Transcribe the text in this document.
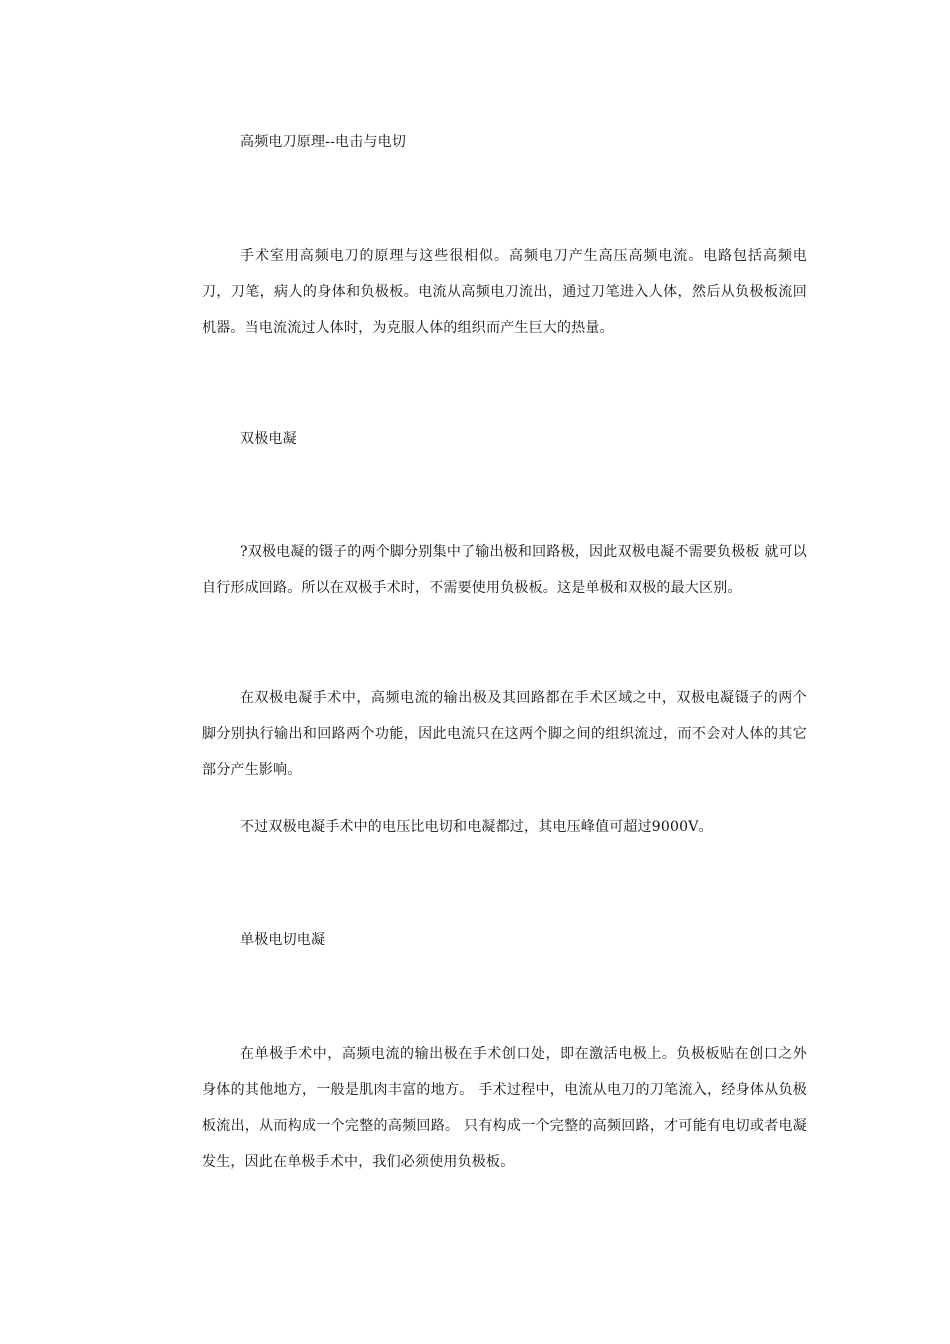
高频电刀原理--电击与电切

手术室用高频电刀的原理与这些很相似。高频电刀产生高压高频电流。电路包括高频电刀，刀笔，病人的身体和负极板。电流从高频电刀流出，通过刀笔进入人体，然后从负极板流回机器。当电流流过人体时，为克服人体的组织而产生巨大的热量。

双极电凝

?双极电凝的镊子的两个脚分别集中了输出极和回路极，因此双极电凝不需要负极板 就可以自行形成回路。所以在双极手术时，不需要使用负极板。这是单极和双极的最大区别。

在双极电凝手术中，高频电流的输出极及其回路都在手术区域之中，双极电凝镊子的两个脚分别执行输出和回路两个功能，因此电流只在这两个脚之间的组织流过，而不会对人体的其它部分产生影响。

不过双极电凝手术中的电压比电切和电凝都过，其电压峰值可超过9000V。

单极电切电凝

在单极手术中，高频电流的输出极在手术创口处，即在激活电极上。负极板贴在创口之外身体的其他地方，一般是肌肉丰富的地方。 手术过程中，电流从电刀的刀笔流入，经身体从负极板流出，从而构成一个完整的高频回路。 只有构成一个完整的高频回路，才可能有电切或者电凝发生，因此在单极手术中，我们必须使用负极板。
